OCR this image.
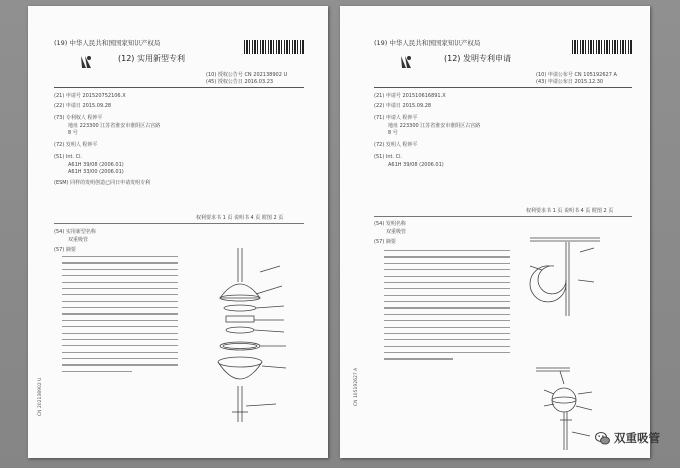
(19) 中华人民共和国国家知识产权局
(12) 实用新型专利
(10) 授权公告号 CN 202138902 U
(45) 授权公告日 2016.03.23
(21) 申请号 201520752106.X
(22) 申请日 2015.09.28
(73) 专利权人 程钟平
地址 223300 江苏省淮安市淮阴区古宫路
8 号
(72) 发明人 程钟平
(51) Int. Cl.
A61H 39/08 (2006.01)
A61H 33/00 (2006.01)
(ESM) 同样的发明创造已同日申请发明专利
权利要求书 1 页 说明书 4 页 附图 2 页
(54) 实用新型名称
双重吸管
(57) 摘要
CN 202138902 U
(19) 中华人民共和国国家知识产权局
(12) 发明专利申请
(10) 申请公布号 CN 105192627 A
(43) 申请公布日 2015.12.30
(21) 申请号 201510616891.X
(22) 申请日 2015.09.28
(71) 申请人 程钟平
地址 223300 江苏省淮安市淮阴区古宫路
8 号
(72) 发明人 程钟平
(51) Int. Cl.
A61H 39/08 (2006.01)
权利要求书 1 页 说明书 4 页 附图 2 页
(54) 发明名称
双重吸管
(57) 摘要
CN 105192627 A
双重吸管
